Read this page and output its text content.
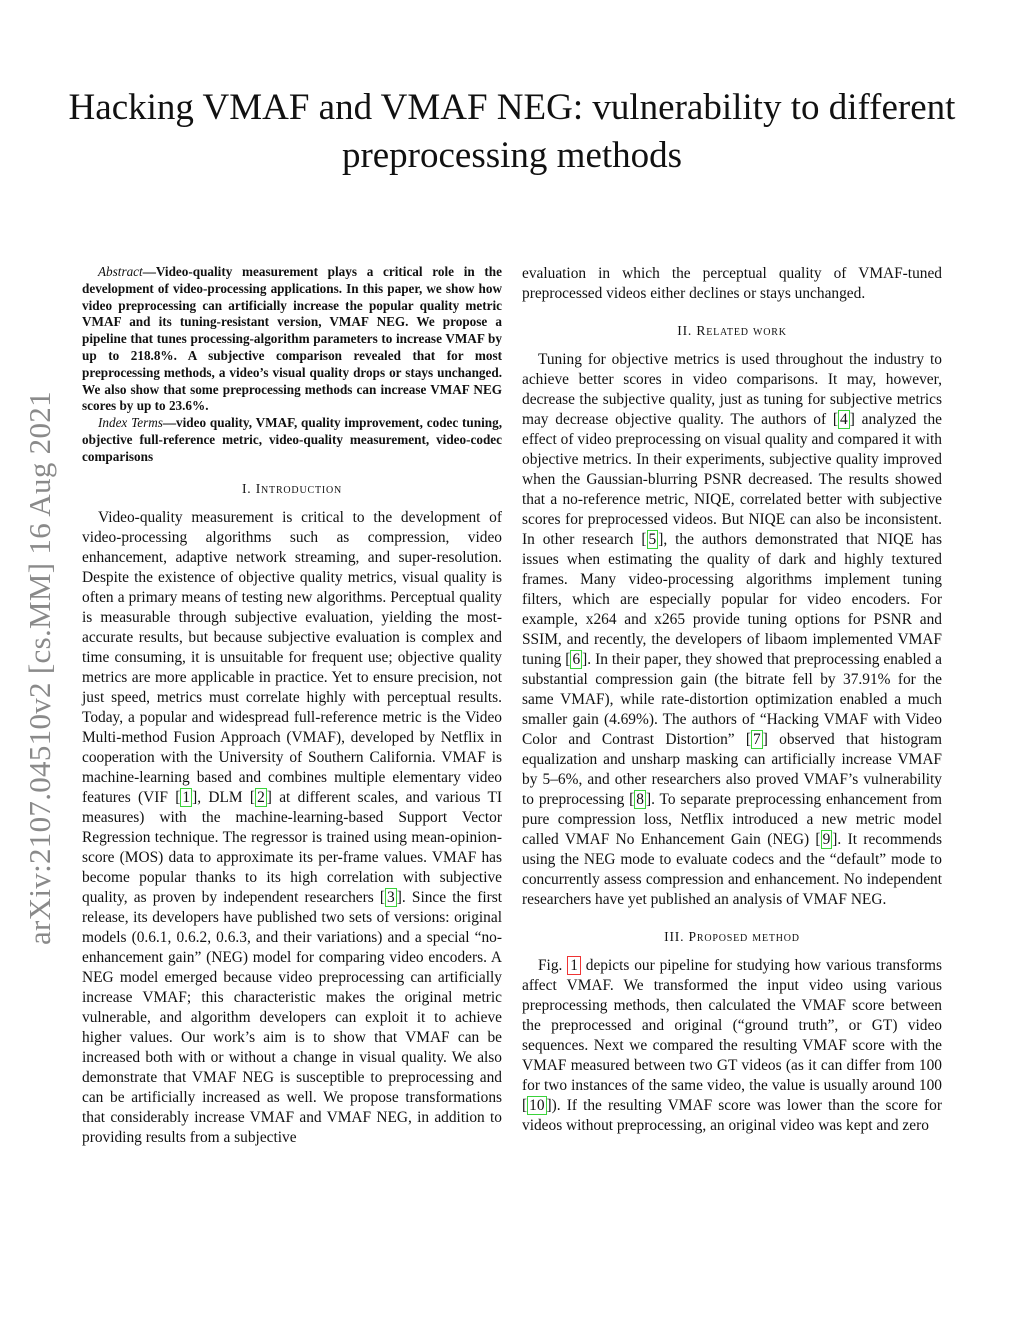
Hacking VMAF and VMAF NEG: vulnerability to different preprocessing methods
arXiv:2107.04510v2 [cs.MM] 16 Aug 2021

Abstract—Video-quality measurement plays a critical role in the development of video-processing applications. In this paper, we show how video preprocessing can artificially increase the popular quality metric VMAF and its tuning-resistant version, VMAF NEG. We propose a pipeline that tunes processing-algorithm parameters to increase VMAF by up to 218.8%. A subjective comparison revealed that for most preprocessing methods, a video’s visual quality drops or stays unchanged. We also show that some preprocessing methods can increase VMAF NEG scores by up to 23.6%.

Index Terms—video quality, VMAF, quality improvement, codec tuning, objective full-reference metric, video-quality measurement, video-codec comparisons

I. Introduction

Video-quality measurement is critical to the development of video-processing algorithms such as compression, video enhancement, adaptive network streaming, and super-resolution. Despite the existence of objective quality metrics, visual quality is often a primary means of testing new algorithms. Perceptual quality is measurable through subjective evaluation, yielding the most-accurate results, but because subjective evaluation is complex and time consuming, it is unsuitable for frequent use; objective quality metrics are more applicable in practice. Yet to ensure precision, not just speed, metrics must correlate highly with perceptual results. Today, a popular and widespread full-reference metric is the Video Multi-method Fusion Approach (VMAF), developed by Netflix in cooperation with the University of Southern California. VMAF is machine-learning based and combines multiple elementary video features (VIF [ 1 ], DLM [ 2 ] at different scales, and various TI measures) with the machine-learning-based Support Vector Regression technique. The regressor is trained using mean-opinion-score (MOS) data to approximate its per-frame values. VMAF has become popular thanks to its high correlation with subjective quality, as proven by independent researchers [ 3 ]. Since the first release, its developers have published two sets of versions: original models (0.6.1, 0.6.2, 0.6.3, and their variations) and a special “no-enhancement gain” (NEG) model for comparing video encoders. A NEG model emerged because video preprocessing can artificially increase VMAF; this characteristic makes the original metric vulnerable, and algorithm developers can exploit it to achieve higher values. Our work’s aim is to show that VMAF can be increased both with or without a change in visual quality. We also demonstrate that VMAF NEG is susceptible to preprocessing and can be artificially increased as well. We propose transformations that considerably increase VMAF and VMAF NEG, in addition to providing results from a subjective

evaluation in which the perceptual quality of VMAF-tuned preprocessed videos either declines or stays unchanged.

II. Related work

Tuning for objective metrics is used throughout the industry to achieve better scores in video comparisons. It may, however, decrease the subjective quality, just as tuning for subjective metrics may decrease objective quality. The authors of [ 4 ] analyzed the effect of video preprocessing on visual quality and compared it with objective metrics. In their experiments, subjective quality improved when the Gaussian-blurring PSNR decreased. The results showed that a no-reference metric, NIQE, correlated better with subjective scores for preprocessed videos. But NIQE can also be inconsistent. In other research [ 5 ], the authors demonstrated that NIQE has issues when estimating the quality of dark and highly textured frames. Many video-processing algorithms implement tuning filters, which are especially popular for video encoders. For example, x264 and x265 provide tuning options for PSNR and SSIM, and recently, the developers of libaom implemented VMAF tuning [ 6 ]. In their paper, they showed that preprocessing enabled a substantial compression gain (the bitrate fell by 37.91% for the same VMAF), while rate-distortion optimization enabled a much smaller gain (4.69%). The authors of “Hacking VMAF with Video Color and Contrast Distortion” [ 7 ] observed that histogram equalization and unsharp masking can artificially increase VMAF by 5–6%, and other researchers also proved VMAF’s vulnerability to preprocessing [ 8 ]. To separate preprocessing enhancement from pure compression loss, Netflix introduced a new metric model called VMAF No Enhancement Gain (NEG) [ 9 ]. It recommends using the NEG mode to evaluate codecs and the “default” mode to concurrently assess compression and enhancement. No independent researchers have yet published an analysis of VMAF NEG.

III. Proposed method

Fig. 1 depicts our pipeline for studying how various transforms affect VMAF. We transformed the input video using various preprocessing methods, then calculated the VMAF score between the preprocessed and original (“ground truth”, or GT) video sequences. Next we compared the resulting VMAF score with the VMAF measured between two GT videos (as it can differ from 100 for two instances of the same video, the value is usually around 100 [ 10 ]). If the resulting VMAF score was lower than the score for videos without preprocessing, an original video was kept and zero
